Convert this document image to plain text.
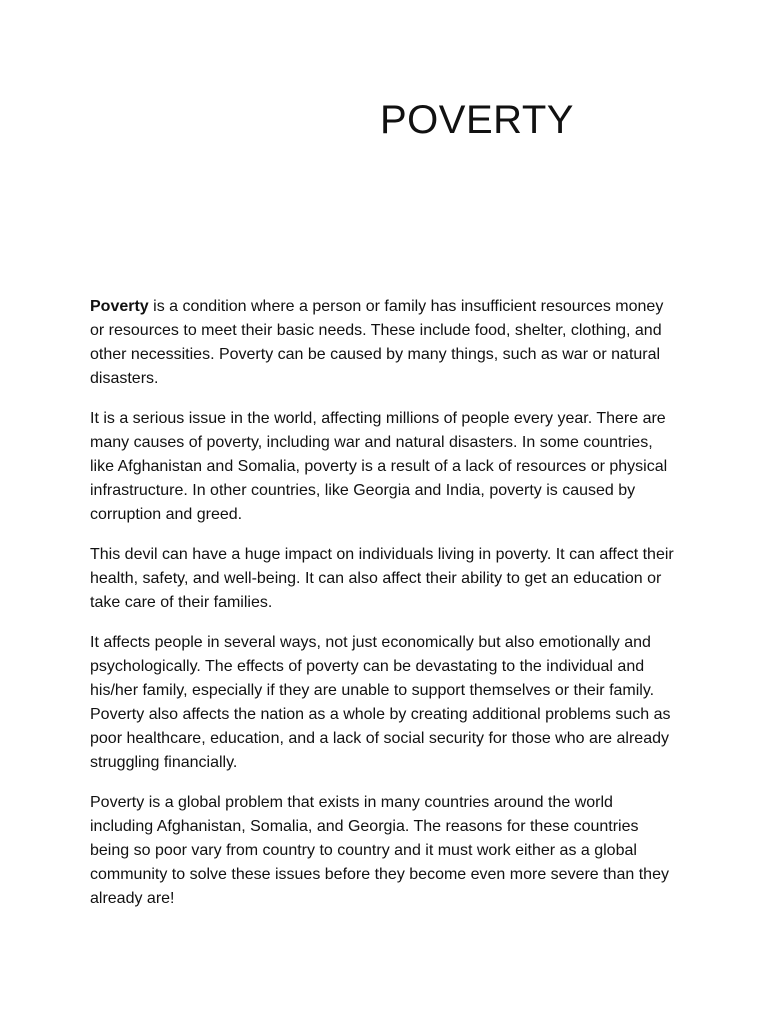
POVERTY

Poverty is a condition where a person or family has insufficient resources money or resources to meet their basic needs. These include food, shelter, clothing, and other necessities. Poverty can be caused by many things, such as war or natural disasters.

It is a serious issue in the world, affecting millions of people every year. There are many causes of poverty, including war and natural disasters. In some countries, like Afghanistan and Somalia, poverty is a result of a lack of resources or physical infrastructure. In other countries, like Georgia and India, poverty is caused by corruption and greed.

This devil can have a huge impact on individuals living in poverty. It can affect their health, safety, and well-being. It can also affect their ability to get an education or take care of their families.

It affects people in several ways, not just economically but also emotionally and psychologically. The effects of poverty can be devastating to the individual and his/her family, especially if they are unable to support themselves or their family. Poverty also affects the nation as a whole by creating additional problems such as poor healthcare, education, and a lack of social security for those who are already struggling financially.

Poverty is a global problem that exists in many countries around the world including Afghanistan, Somalia, and Georgia. The reasons for these countries being so poor vary from country to country and it must work either as a global community to solve these issues before they become even more severe than they already are!
